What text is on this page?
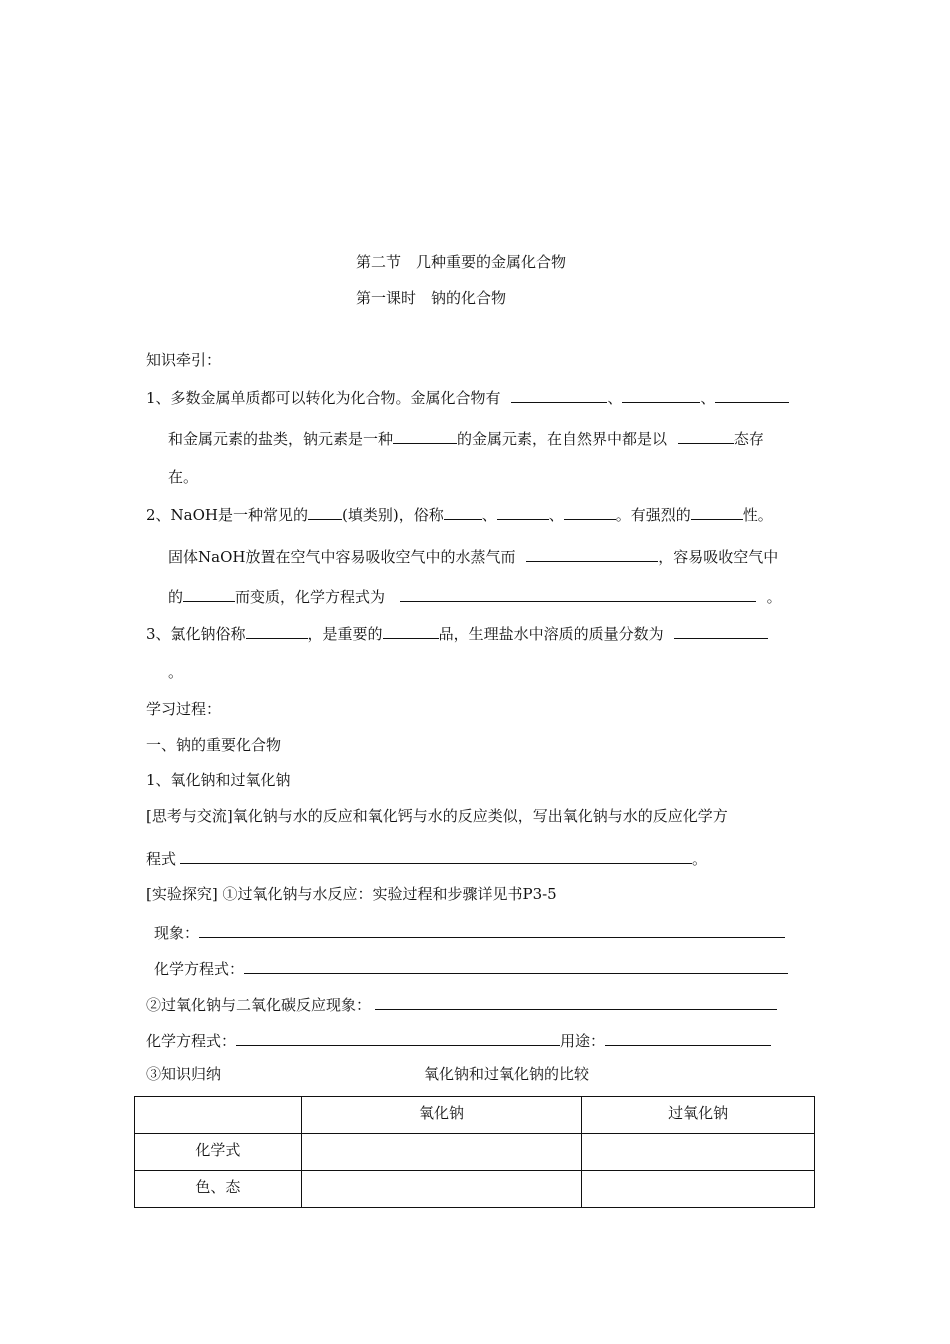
第二节　几种重要的金属化合物
第一课时　钠的化合物
知识牵引：
1、多数金属单质都可以转化为化合物。金属化合物有	、	、
和金属元素的盐类，钠元素是一种	的金属元素，在自然界中都是以	态存
在。
2、NaOH是一种常见的 (填类别)，俗称	、	、	。有强烈的	性。
固体NaOH放置在空气中容易吸收空气中的水蒸气而	，容易吸收空气中
的	而变质，化学方程式为	。
3、氯化钠俗称	，是重要的	品，生理盐水中溶质的质量分数为
。
学习过程：
一、钠的重要化合物
1、氧化钠和过氧化钠
[思考与交流]氧化钠与水的反应和氧化钙与水的反应类似，写出氧化钠与水的反应化学方
程式	。
[实验探究] ①过氧化钠与水反应：实验过程和步骤详见书P3-5
现象：
化学方程式：
②过氧化钠与二氧化碳反应现象：
化学方程式：	用途：
③知识归纳	氧化钠和过氧化钠的比较
	氧化钠	过氧化钠
化学式		
色、态		
